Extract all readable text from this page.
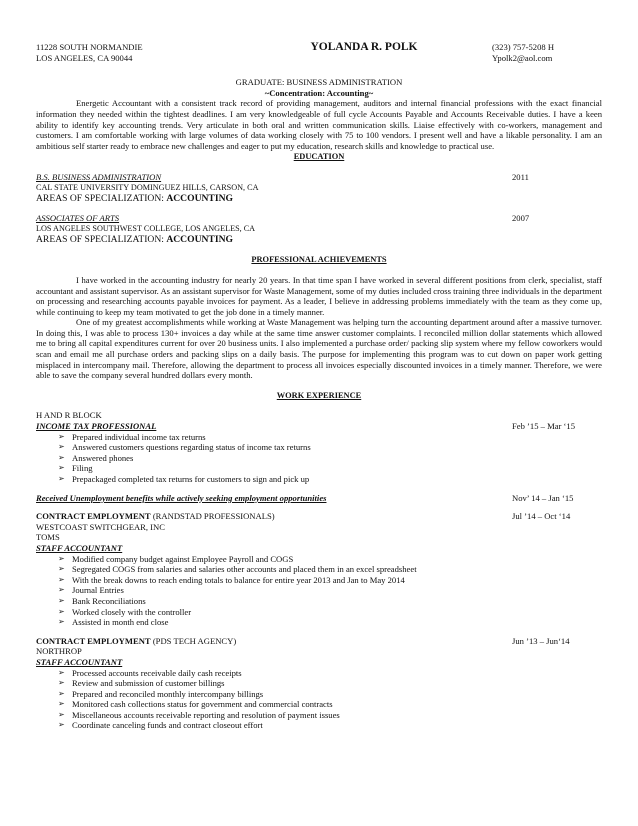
11228 SOUTH NORMANDIE
LOS ANGELES, CA 90044
YOLANDA R. POLK	(323) 757-5208 H
Ypolk2@aol.com
GRADUATE: BUSINESS ADMINISTRATION
~Concentration: Accounting~

Energetic Accountant with a consistent track record of providing management, auditors and internal financial professions with the exact financial information they needed within the tightest deadlines. I am very knowledgeable of full cycle Accounts Payable and Accounts Receivable duties. I have a keen ability to identify key accounting trends. Very articulate in both oral and written communication skills. Liaise effectively with co-workers, management and customers. I am comfortable working with large volumes of data working closely with 75 to 100 vendors. I present well and have a likable personality. I am an ambitious self starter ready to embrace new challenges and eager to put my education, research skills and knowledge to practical use.

EDUCATION
B.S. BUSINESS ADMINISTRATION	2011
CAL STATE UNIVERSITY DOMINGUEZ HILLS, CARSON, CA
AREAS OF SPECIALIZATION: ACCOUNTING
ASSOCIATES OF ARTS	2007
LOS ANGELES SOUTHWEST COLLEGE, LOS ANGELES, CA
AREAS OF SPECIALIZATION: ACCOUNTING
PROFESSIONAL ACHIEVEMENTS

I have worked in the accounting industry for nearly 20 years. In that time span I have worked in several different positions from clerk, specialist, staff accountant and assistant supervisor. As an assistant supervisor for Waste Management, some of my duties included cross training three individuals in the department on processing and researching accounts payable invoices for payment. As a leader, I believe in addressing problems immediately with the team as they come up, while continuing to keep my team motivated to get the job done in a timely manner.

One of my greatest accomplishments while working at Waste Management was helping turn the accounting department around after a massive turnover. In doing this, I was able to process 130+ invoices a day while at the same time answer customer complaints. I reconciled million dollar statements which allowed me to bring all capital expenditures current for over 20 business units. I also implemented a purchase order/ packing slip system where my fellow coworkers would scan and email me all purchase orders and packing slips on a daily basis. The purpose for implementing this program was to cut down on paper work getting misplaced in intercompany mail. Therefore, allowing the department to process all invoices especially discounted invoices in a timely manner. Therefore, we were able to save the company several hundred dollars every month.

WORK EXPERIENCE
H AND R BLOCK
INCOME TAX PROFESSIONAL	Feb ’15 – Mar ‘15
➢ Prepared individual income tax returns
➢ Answered customers questions regarding status of income tax returns
➢ Answered phones
➢ Filing
➢ Prepackaged completed tax returns for customers to sign and pick up
Received Unemployment benefits while actively seeking employment opportunities	Nov’ 14 – Jan ‘15
CONTRACT EMPLOYMENT (RANDSTAD PROFESSIONALS)	Jul ’14 – Oct ‘14
WESTCOAST SWITCHGEAR, INC
TOMS
STAFF ACCOUNTANT
➢ Modified company budget against Employee Payroll and COGS
➢ Segregated COGS from salaries and salaries other accounts and placed them in an excel spreadsheet
➢ With the break downs to reach ending totals to balance for entire year 2013 and Jan to May 2014
➢ Journal Entries
➢ Bank Reconciliations
➢ Worked closely with the controller
➢ Assisted in month end close
CONTRACT EMPLOYMENT (PDS TECH AGENCY)	Jun ’13 – Jun‘14
NORTHROP
STAFF ACCOUNTANT
➢ Processed accounts receivable daily cash receipts
➢ Review and submission of customer billings
➢ Prepared and reconciled monthly intercompany billings
➢ Monitored cash collections status for government and commercial contracts
➢ Miscellaneous accounts receivable reporting and resolution of payment issues
➢ Coordinate canceling funds and contract closeout effort
